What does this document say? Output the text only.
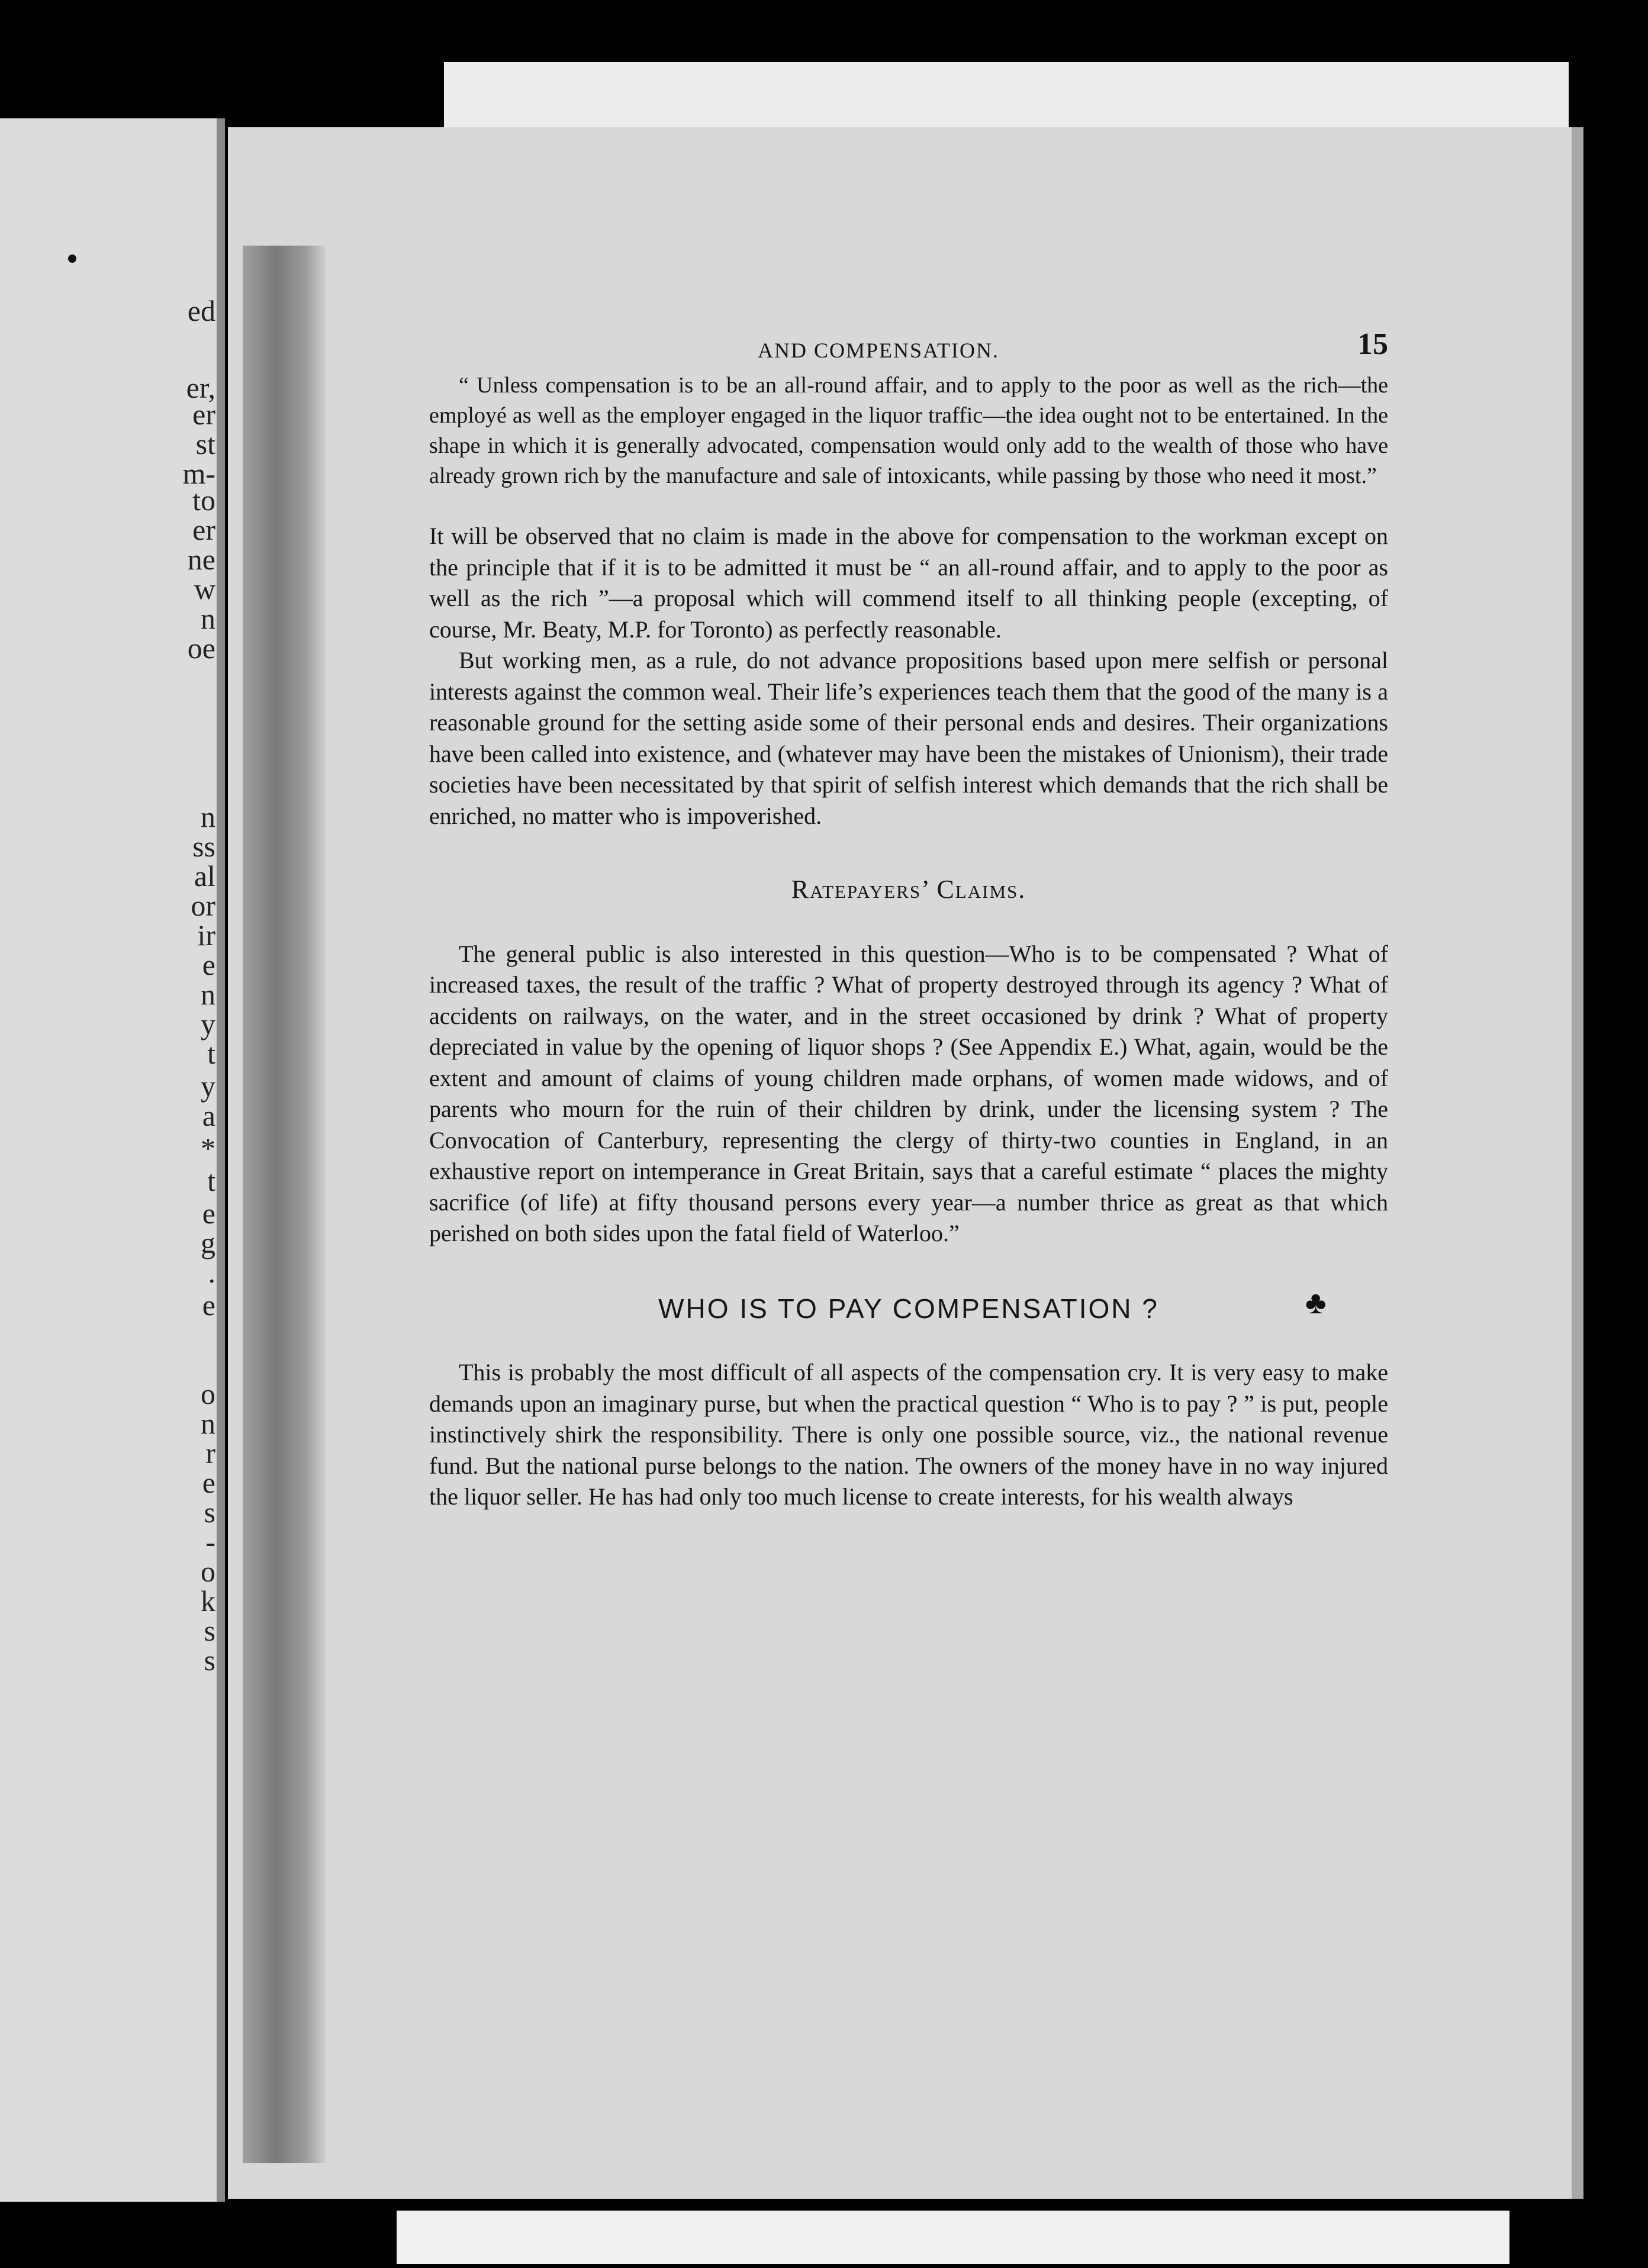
ed
er,
er
st
m-
to
er
ne
w
n
oe
n
ss
al
or
ir
e
n
y
t
y
a
*
t
e
g
.
e
o
n
r
e
s
-
o
k
s
s
AND COMPENSATION.	15

“ Unless compensation is to be an all-round affair, and to apply to the poor as well as the rich—the employé as well as the employer engaged in the liquor traffic—the idea ought not to be entertained. In the shape in which it is generally advocated, compensation would only add to the wealth of those who have already grown rich by the manufacture and sale of intoxicants, while passing by those who need it most.”

It will be observed that no claim is made in the above for compensation to the workman except on the principle that if it is to be admitted it must be “ an all-round affair, and to apply to the poor as well as the rich ”—a proposal which will commend itself to all thinking people (excepting, of course, Mr. Beaty, M.P. for Toronto) as perfectly reasonable.

But working men, as a rule, do not advance propositions based upon mere selfish or personal interests against the common weal. Their life’s experiences teach them that the good of the many is a reasonable ground for the setting aside some of their personal ends and desires. Their organizations have been called into existence, and (whatever may have been the mistakes of Unionism), their trade societies have been necessitated by that spirit of selfish interest which demands that the rich shall be enriched, no matter who is impoverished.

Ratepayers’ Claims.

The general public is also interested in this question—Who is to be compensated ? What of increased taxes, the result of the traffic ? What of property destroyed through its agency ? What of accidents on railways, on the water, and in the street occasioned by drink ? What of property depreciated in value by the opening of liquor shops ? (See Appendix E.) What, again, would be the extent and amount of claims of young children made orphans, of women made widows, and of parents who mourn for the ruin of their children by drink, under the licensing system ? The Convocation of Canterbury, representing the clergy of thirty-two counties in England, in an exhaustive report on intemperance in Great Britain, says that a careful estimate “ places the mighty sacrifice (of life) at fifty thousand persons every year—a number thrice as great as that which perished on both sides upon the fatal field of Waterloo.”

WHO IS TO PAY COMPENSATION ?	♣

This is probably the most difficult of all aspects of the compensation cry. It is very easy to make demands upon an imaginary purse, but when the practical question “ Who is to pay ? ” is put, people instinctively shirk the responsibility. There is only one possible source, viz., the national revenue fund. But the national purse belongs to the nation. The owners of the money have in no way injured the liquor seller. He has had only too much license to create interests, for his wealth always
